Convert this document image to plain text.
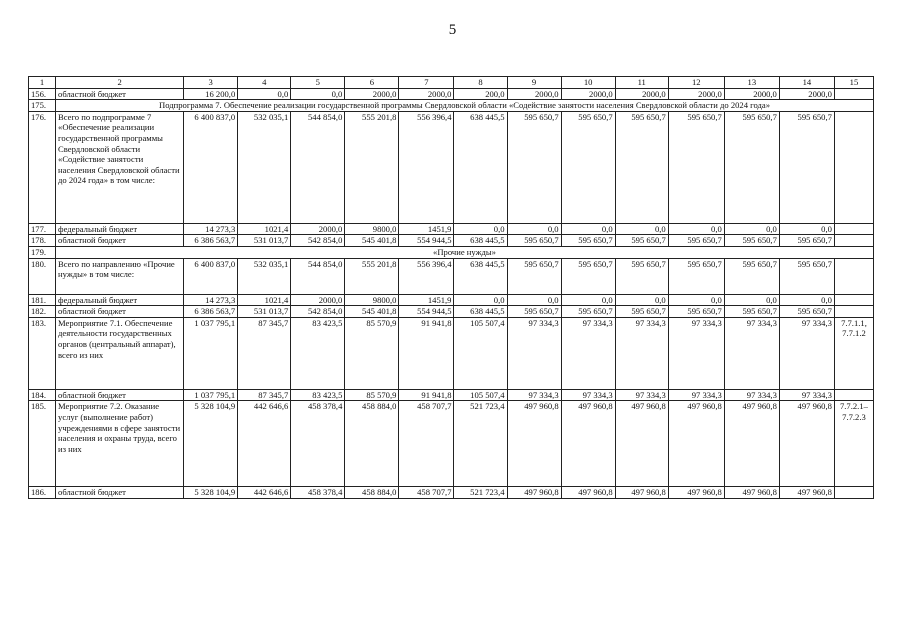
5
1	2	3	4	5	6	7	8	9	10	11	12	13	14	15
156.	областной бюджет	16 200,0	0,0	0,0	2000,0	2000,0	200,0	2000,0	2000,0	2000,0	2000,0	2000,0	2000,0	
175.	Подпрограмма 7. Обеспечение реализации государственной программы Свердловской области «Содействие занятости населения Свердловской области до 2024 года»													
176.	Всего по подпрограмме 7 «Обеспечение реализации государственной программы Свердловской области «Содействие занятости населения Свердловской области до 2024 года» в том числе:	6 400 837,0	532 035,1	544 854,0	555 201,8	556 396,4	638 445,5	595 650,7	595 650,7	595 650,7	595 650,7	595 650,7	595 650,7	
177.	федеральный бюджет	14 273,3	1021,4	2000,0	9800,0	1451,9	0,0	0,0	0,0	0,0	0,0	0,0	0,0	
178.	областной бюджет	6 386 563,7	531 013,7	542 854,0	545 401,8	554 944,5	638 445,5	595 650,7	595 650,7	595 650,7	595 650,7	595 650,7	595 650,7	
179.	«Прочие нужды»													
180.	Всего по направлению «Прочие нужды» в том числе:	6 400 837,0	532 035,1	544 854,0	555 201,8	556 396,4	638 445,5	595 650,7	595 650,7	595 650,7	595 650,7	595 650,7	595 650,7	
181.	федеральный бюджет	14 273,3	1021,4	2000,0	9800,0	1451,9	0,0	0,0	0,0	0,0	0,0	0,0	0,0	
182.	областной бюджет	6 386 563,7	531 013,7	542 854,0	545 401,8	554 944,5	638 445,5	595 650,7	595 650,7	595 650,7	595 650,7	595 650,7	595 650,7	
183.	Мероприятие 7.1. Обеспечение деятельности государственных органов (центральный аппарат), всего из них	1 037 795,1	87 345,7	83 423,5	85 570,9	91 941,8	105 507,4	97 334,3	97 334,3	97 334,3	97 334,3	97 334,3	97 334,3	7.7.1.1, 7.7.1.2
184.	областной бюджет	1 037 795,1	87 345,7	83 423,5	85 570,9	91 941,8	105 507,4	97 334,3	97 334,3	97 334,3	97 334,3	97 334,3	97 334,3	
185.	Мероприятие 7.2. Оказание услуг (выполнение работ) учреждениями в сфере занятости населения и охраны труда, всего из них	5 328 104,9	442 646,6	458 378,4	458 884,0	458 707,7	521 723,4	497 960,8	497 960,8	497 960,8	497 960,8	497 960,8	497 960,8	7.7.2.1– 7.7.2.3
186.	областной бюджет	5 328 104,9	442 646,6	458 378,4	458 884,0	458 707,7	521 723,4	497 960,8	497 960,8	497 960,8	497 960,8	497 960,8	497 960,8	
